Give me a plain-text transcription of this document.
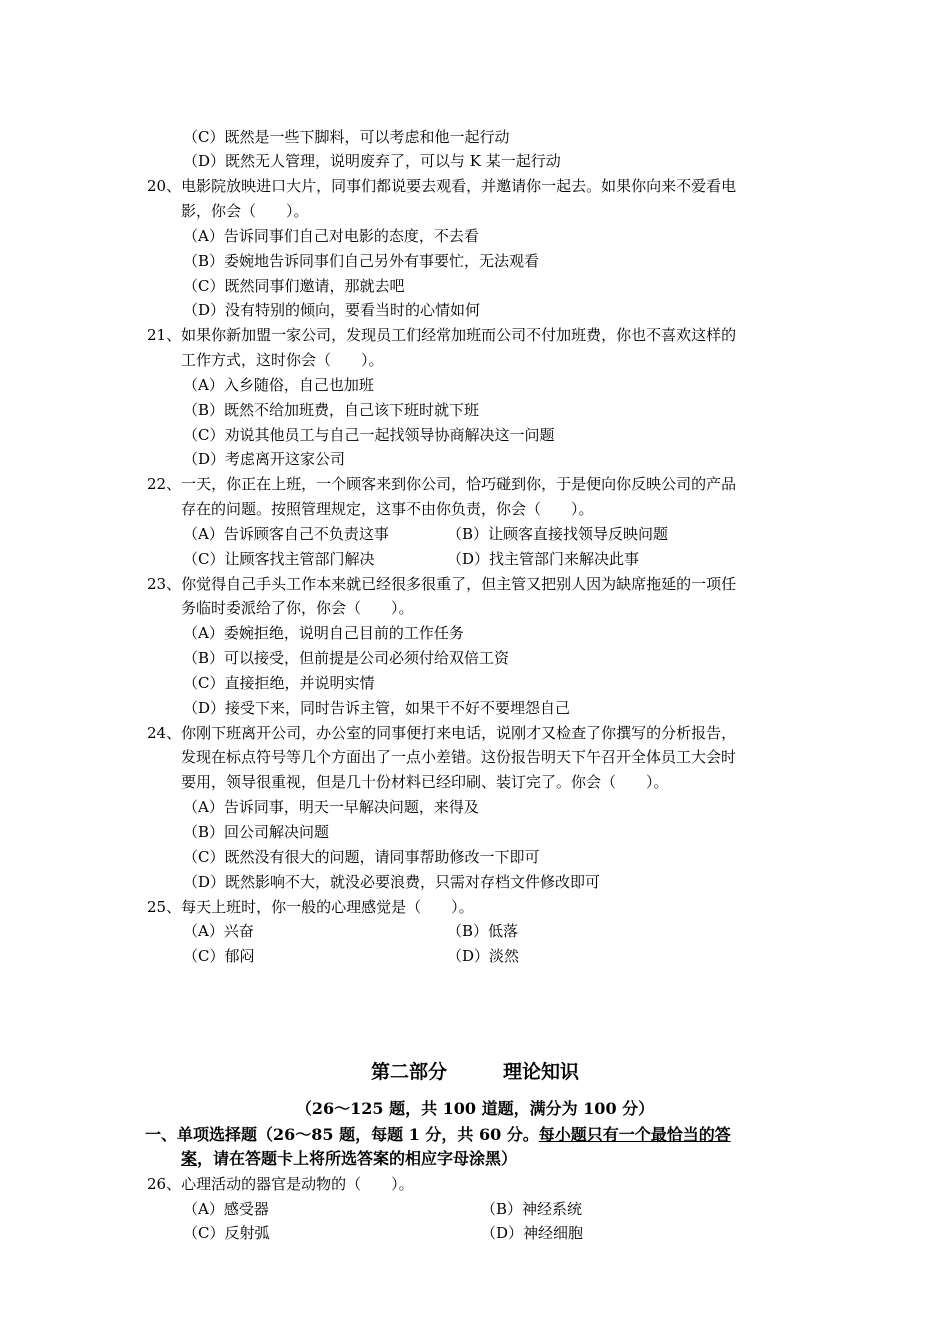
（C）既然是一些下脚料，可以考虑和他一起行动
（D）既然无人管理，说明废弃了，可以与 K 某一起行动
20、电影院放映进口大片，同事们都说要去观看，并邀请你一起去。如果你向来不爱看电
影，你会（　　）。
（A）告诉同事们自己对电影的态度，不去看
（B）委婉地告诉同事们自己另外有事要忙，无法观看
（C）既然同事们邀请，那就去吧
（D）没有特别的倾向，要看当时的心情如何
21、如果你新加盟一家公司，发现员工们经常加班而公司不付加班费，你也不喜欢这样的
工作方式，这时你会（　　）。
（A）入乡随俗，自己也加班
（B）既然不给加班费，自己该下班时就下班
（C）劝说其他员工与自己一起找领导协商解决这一问题
（D）考虑离开这家公司
22、一天，你正在上班，一个顾客来到你公司，恰巧碰到你，于是便向你反映公司的产品
存在的问题。按照管理规定，这事不由你负责，你会（　　）。
（A）告诉顾客自己不负责这事	（B）让顾客直接找领导反映问题
（C）让顾客找主管部门解决	（D）找主管部门来解决此事
23、你觉得自己手头工作本来就已经很多很重了，但主管又把别人因为缺席拖延的一项任
务临时委派给了你，你会（　　）。
（A）委婉拒绝，说明自己目前的工作任务
（B）可以接受，但前提是公司必须付给双倍工资
（C）直接拒绝，并说明实情
（D）接受下来，同时告诉主管，如果干不好不要埋怨自己
24、你刚下班离开公司，办公室的同事便打来电话，说刚才又检查了你撰写的分析报告，
发现在标点符号等几个方面出了一点小差错。这份报告明天下午召开全体员工大会时
要用，领导很重视，但是几十份材料已经印刷、装订完了。你会（　　）。
（A）告诉同事，明天一早解决问题，来得及
（B）回公司解决问题
（C）既然没有很大的问题，请同事帮助修改一下即可
（D）既然影响不大，就没必要浪费，只需对存档文件修改即可
25、每天上班时，你一般的心理感觉是（　　）。
（A）兴奋	（B）低落
（C）郁闷	（D）淡然
第二部分	理论知识
（26～125 题，共 100 道题，满分为 100 分）
一、单项选择题（26～85 题，每题 1 分，共 60 分。每小题只有一个最恰当的答
案，请在答题卡上将所选答案的相应字母涂黑）
26、心理活动的器官是动物的（　　）。
（A）感受器	（B）神经系统
（C）反射弧	（D）神经细胞
